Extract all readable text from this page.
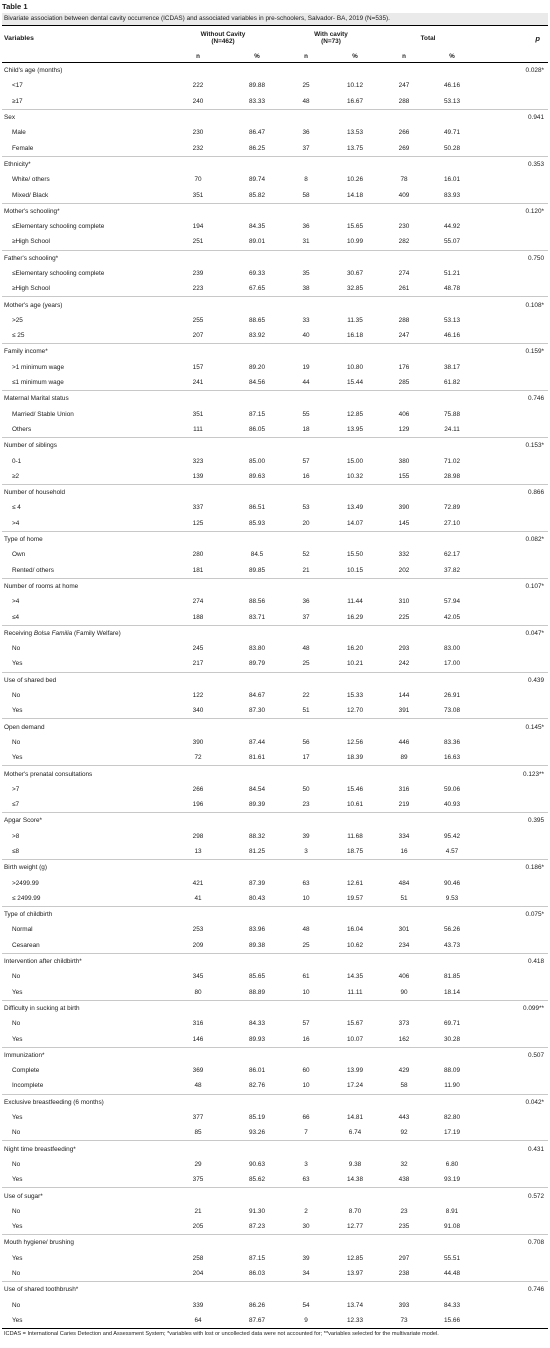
Table 1
Bivariate association between dental cavity occurrence (ICDAS) and associated variables in pre-schoolers, Salvador- BA, 2019 (N=535).
Variables	Without Cavity
(N=462)		With cavity
(N=73)		Total		p
	n	%	n	%	n	%	
Child's age (months)							0.028*
<17	222	89.88	25	10.12	247	46.16	
≥17	240	83.33	48	16.67	288	53.13	
Sex							0.941
Male	230	86.47	36	13.53	266	49.71	
Female	232	86.25	37	13.75	269	50.28	
Ethnicity*							0.353
White/ others	70	89.74	8	10.26	78	16.01	
Mixed/ Black	351	85.82	58	14.18	409	83.93	
Mother's schooling*							0.120*
≤Elementary schooling complete	194	84.35	36	15.65	230	44.92	
≥High School	251	89.01	31	10.99	282	55.07	
Father's schooling*							0.750
≤Elementary schooling complete	239	69.33	35	30.67	274	51.21	
≥High School	223	67.65	38	32.85	261	48.78	
Mother's age (years)							0.108*
>25	255	88.65	33	11.35	288	53.13	
≤ 25	207	83.92	40	16.18	247	46.16	
Family income*							0.159*
>1 minimum wage	157	89.20	19	10.80	176	38.17	
≤1 minimum wage	241	84.56	44	15.44	285	61.82	
Maternal Marital status							0.746
Married/ Stable Union	351	87.15	55	12.85	406	75.88	
Others	111	86.05	18	13.95	129	24.11	
Number of siblings							0.153*
0-1	323	85.00	57	15.00	380	71.02	
≥2	139	89.63	16	10.32	155	28.98	
Number of household							0.866
≤ 4	337	86.51	53	13.49	390	72.89	
>4	125	85.93	20	14.07	145	27.10	
Type of home							0.082*
Own	280	84.5	52	15.50	332	62.17	
Rented/ others	181	89.85	21	10.15	202	37.82	
Number of rooms at home							0.107*
>4	274	88.56	36	11.44	310	57.94	
≤4	188	83.71	37	16.29	225	42.05	
Receiving Bolsa Familia (Family Welfare)							0.047*
No	245	83.80	48	16.20	293	83.00	
Yes	217	89.79	25	10.21	242	17.00	
Use of shared bed							0.439
No	122	84.67	22	15.33	144	26.91	
Yes	340	87.30	51	12.70	391	73.08	
Open demand							0.145*
No	390	87.44	56	12.56	446	83.36	
Yes	72	81.61	17	18.39	89	16.63	
Mother's prenatal consultations							0.123**
>7	266	84.54	50	15.46	316	59.06	
≤7	196	89.39	23	10.61	219	40.93	
Apgar Score*							0.395
>8	298	88.32	39	11.68	334	95.42	
≤8	13	81.25	3	18.75	16	4.57	
Birth weight (g)							0.186*
>2499.99	421	87.39	63	12.61	484	90.46	
≤ 2499.99	41	80.43	10	19.57	51	9.53	
Type of childbirth							0.075*
Normal	253	83.96	48	16.04	301	56.26	
Cesarean	209	89.38	25	10.62	234	43.73	
Intervention after childbirth*							0.418
No	345	85.65	61	14.35	406	81.85	
Yes	80	88.89	10	11.11	90	18.14	
Difficulty in sucking at birth							0.099**
No	316	84.33	57	15.67	373	69.71	
Yes	146	89.93	16	10.07	162	30.28	
Immunization*							0.507
Complete	369	86.01	60	13.99	429	88.09	
Incomplete	48	82.76	10	17.24	58	11.90	
Exclusive breastfeeding (6 months)							0.042*
Yes	377	85.19	66	14.81	443	82.80	
No	85	93.26	7	6.74	92	17.19	
Night time breastfeeding*							0.431
No	29	90.63	3	9.38	32	6.80	
Yes	375	85.62	63	14.38	438	93.19	
Use of sugar*							0.572
No	21	91.30	2	8.70	23	8.91	
Yes	205	87.23	30	12.77	235	91.08	
Mouth hygiene/ brushing							0.708
Yes	258	87.15	39	12.85	297	55.51	
No	204	86.03	34	13.97	238	44.48	
Use of shared toothbrush*							0.746
No	339	86.26	54	13.74	393	84.33	
Yes	64	87.67	9	12.33	73	15.66	
ICDAS = International Caries Detection and Assessment System; *variables with lost or uncollected data were not accounted for; **variables selected for the multivariate model.
